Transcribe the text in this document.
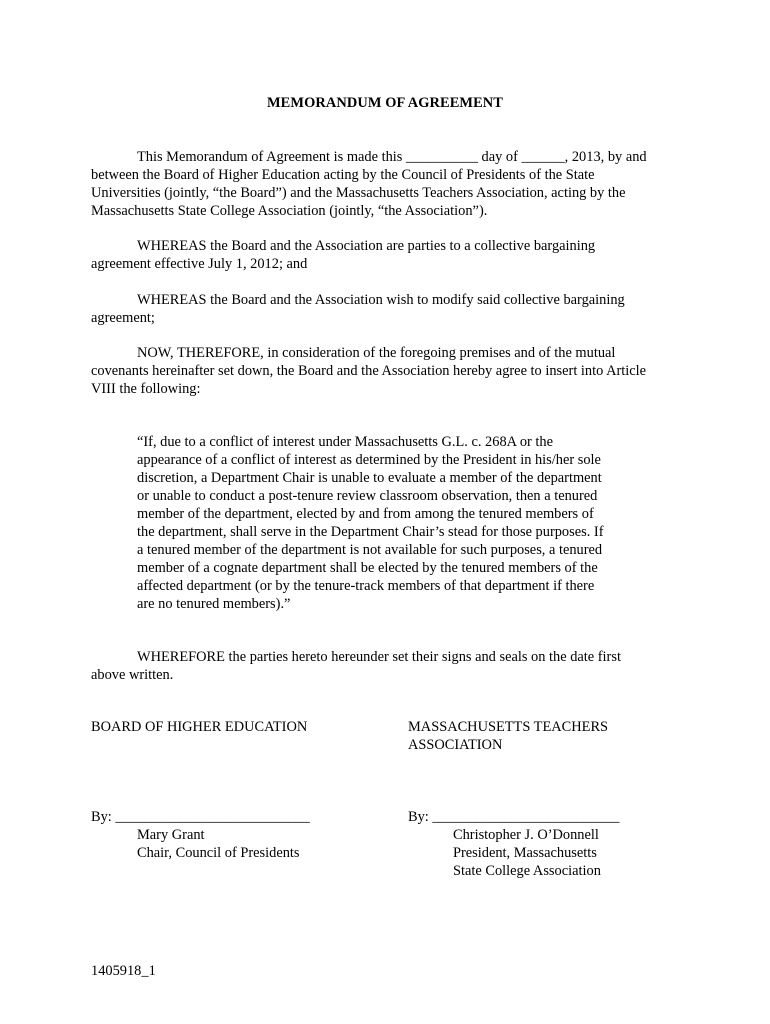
MEMORANDUM OF AGREEMENT

This Memorandum of Agreement is made this __________ day of ______, 2013, by and
between the Board of Higher Education acting by the Council of Presidents of the State
Universities (jointly, “the Board”) and the Massachusetts Teachers Association, acting by the
Massachusetts State College Association (jointly, “the Association”).

WHEREAS the Board and the Association are parties to a collective bargaining
agreement effective July 1, 2012; and

WHEREAS the Board and the Association wish to modify said collective bargaining
agreement;

NOW, THEREFORE, in consideration of the foregoing premises and of the mutual
covenants hereinafter set down, the Board and the Association hereby agree to insert into Article
VIII the following:

“If, due to a conflict of interest under Massachusetts G.L. c. 268A or the
appearance of a conflict of interest as determined by the President in his/her sole
discretion, a Department Chair is unable to evaluate a member of the department
or unable to conduct a post-tenure review classroom observation, then a tenured
member of the department, elected by and from among the tenured members of
the department, shall serve in the Department Chair’s stead for those purposes. If
a tenured member of the department is not available for such purposes, a tenured
member of a cognate department shall be elected by the tenured members of the
affected department (or by the tenure-track members of that department if there
are no tenured members).”

WHEREFORE the parties hereto hereunder set their signs and seals on the date first
above written.

BOARD OF HIGHER EDUCATION
By: ___________________________
Mary Grant
Chair, Council of Presidents
MASSACHUSETTS TEACHERS
ASSOCIATION
By: __________________________
Christopher J. O’Donnell
President, Massachusetts
State College Association
1405918_1
